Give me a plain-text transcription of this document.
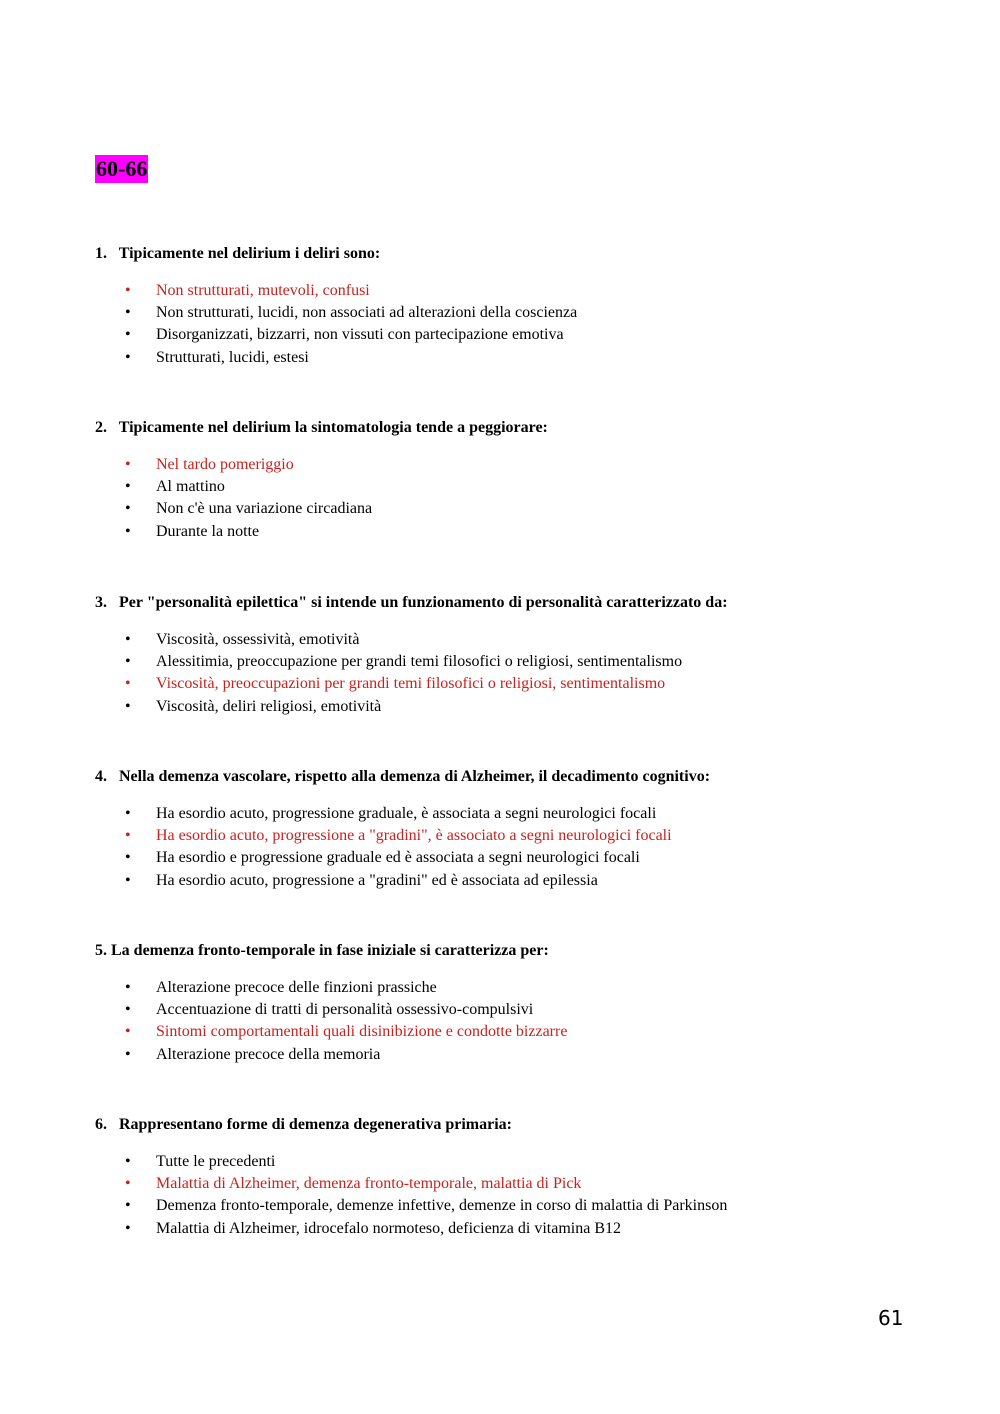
60-66

1. Tipicamente nel delirium i deliri sono:

• Non strutturati, mutevoli, confusi
• Non strutturati, lucidi, non associati ad alterazioni della coscienza
• Disorganizzati, bizzarri, non vissuti con partecipazione emotiva
• Strutturati, lucidi, estesi

2. Tipicamente nel delirium la sintomatologia tende a peggiorare:

• Nel tardo pomeriggio
• Al mattino
• Non c'è una variazione circadiana
• Durante la notte

3. Per "personalità epilettica" si intende un funzionamento di personalità caratterizzato da:

• Viscosità, ossessività, emotività
• Alessitimia, preoccupazione per grandi temi filosofici o religiosi, sentimentalismo
• Viscosità, preoccupazioni per grandi temi filosofici o religiosi, sentimentalismo
• Viscosità, deliri religiosi, emotività

4. Nella demenza vascolare, rispetto alla demenza di Alzheimer, il decadimento cognitivo:

• Ha esordio acuto, progressione graduale, è associata a segni neurologici focali
• Ha esordio acuto, progressione a "gradini", è associato a segni neurologici focali
• Ha esordio e progressione graduale ed è associata a segni neurologici focali
• Ha esordio acuto, progressione a "gradini" ed è associata ad epilessia

5. La demenza fronto-temporale in fase iniziale si caratterizza per:

• Alterazione precoce delle finzioni prassiche
• Accentuazione di tratti di personalità ossessivo-compulsivi
• Sintomi comportamentali quali disinibizione e condotte bizzarre
• Alterazione precoce della memoria

6. Rappresentano forme di demenza degenerativa primaria:

• Tutte le precedenti
• Malattia di Alzheimer, demenza fronto-temporale, malattia di Pick
• Demenza fronto-temporale, demenze infettive, demenze in corso di malattia di Parkinson
• Malattia di Alzheimer, idrocefalo normoteso, deficienza di vitamina B12
61
